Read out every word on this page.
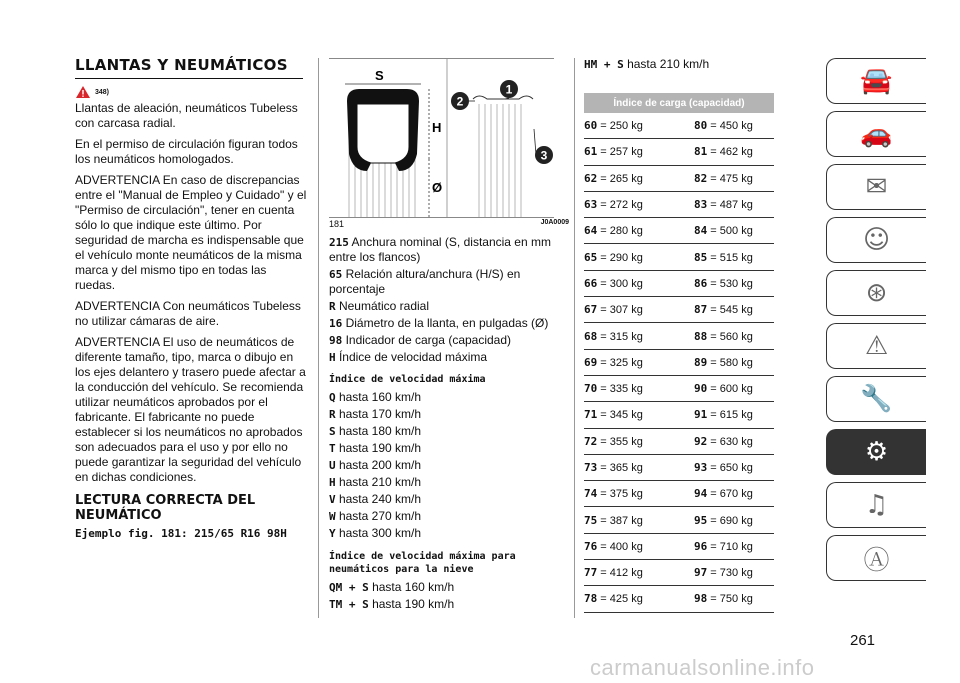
LLANTAS Y NEUMÁTICOS
348)

Llantas de aleación, neumáticos Tubeless con carcasa radial.

En el permiso de circulación figuran todos los neumáticos homologados.

ADVERTENCIA En caso de discrepancias entre el "Manual de Empleo y Cuidado" y el "Permiso de circulación", tener en cuenta sólo lo que indique este último. Por seguridad de marcha es indispensable que el vehículo monte neumáticos de la misma marca y del mismo tipo en todas las ruedas.

ADVERTENCIA Con neumáticos Tubeless no utilizar cámaras de aire.

ADVERTENCIA El uso de neumáticos de diferente tamaño, tipo, marca o dibujo en los ejes delantero y trasero puede afectar a la conducción del vehículo. Se recomienda utilizar neumáticos aprobados por el fabricante. El fabricante no puede establecer si los neumáticos no aprobados son adecuados para el uso y por ello no puede garantizar la seguridad del vehículo en dichas condiciones.

LECTURA CORRECTA DEL NEUMÁTICO
Ejemplo fig. 181: 215/65 R16 98H
S
H
Ø
1
2
3
181	J0A0009
215 Anchura nominal (S, distancia en mm entre los flancos)
65 Relación altura/anchura (H/S) en porcentaje
R Neumático radial
16 Diámetro de la llanta, en pulgadas (Ø)
98 Indicador de carga (capacidad)
H Índice de velocidad máxima
Índice de velocidad máxima
Q hasta 160 km/h
R hasta 170 km/h
S hasta 180 km/h
T hasta 190 km/h
U hasta 200 km/h
H hasta 210 km/h
V hasta 240 km/h
W hasta 270 km/h
Y hasta 300 km/h
Índice de velocidad máxima para neumáticos para la nieve
QM + S hasta 160 km/h
TM + S hasta 190 km/h
HM + S hasta 210 km/h
Índice de carga (capacidad)	
60 = 250 kg	80 = 450 kg
61 = 257 kg	81 = 462 kg
62 = 265 kg	82 = 475 kg
63 = 272 kg	83 = 487 kg
64 = 280 kg	84 = 500 kg
65 = 290 kg	85 = 515 kg
66 = 300 kg	86 = 530 kg
67 = 307 kg	87 = 545 kg
68 = 315 kg	88 = 560 kg
69 = 325 kg	89 = 580 kg
70 = 335 kg	90 = 600 kg
71 = 345 kg	91 = 615 kg
72 = 355 kg	92 = 630 kg
73 = 365 kg	93 = 650 kg
74 = 375 kg	94 = 670 kg
75 = 387 kg	95 = 690 kg
76 = 400 kg	96 = 710 kg
77 = 412 kg	97 = 730 kg
78 = 425 kg	98 = 750 kg
🚘
🚗
✉
☺
⊛
⚠
🔧
⚙
♫
Ⓐ
261
carmanualsonline.info
